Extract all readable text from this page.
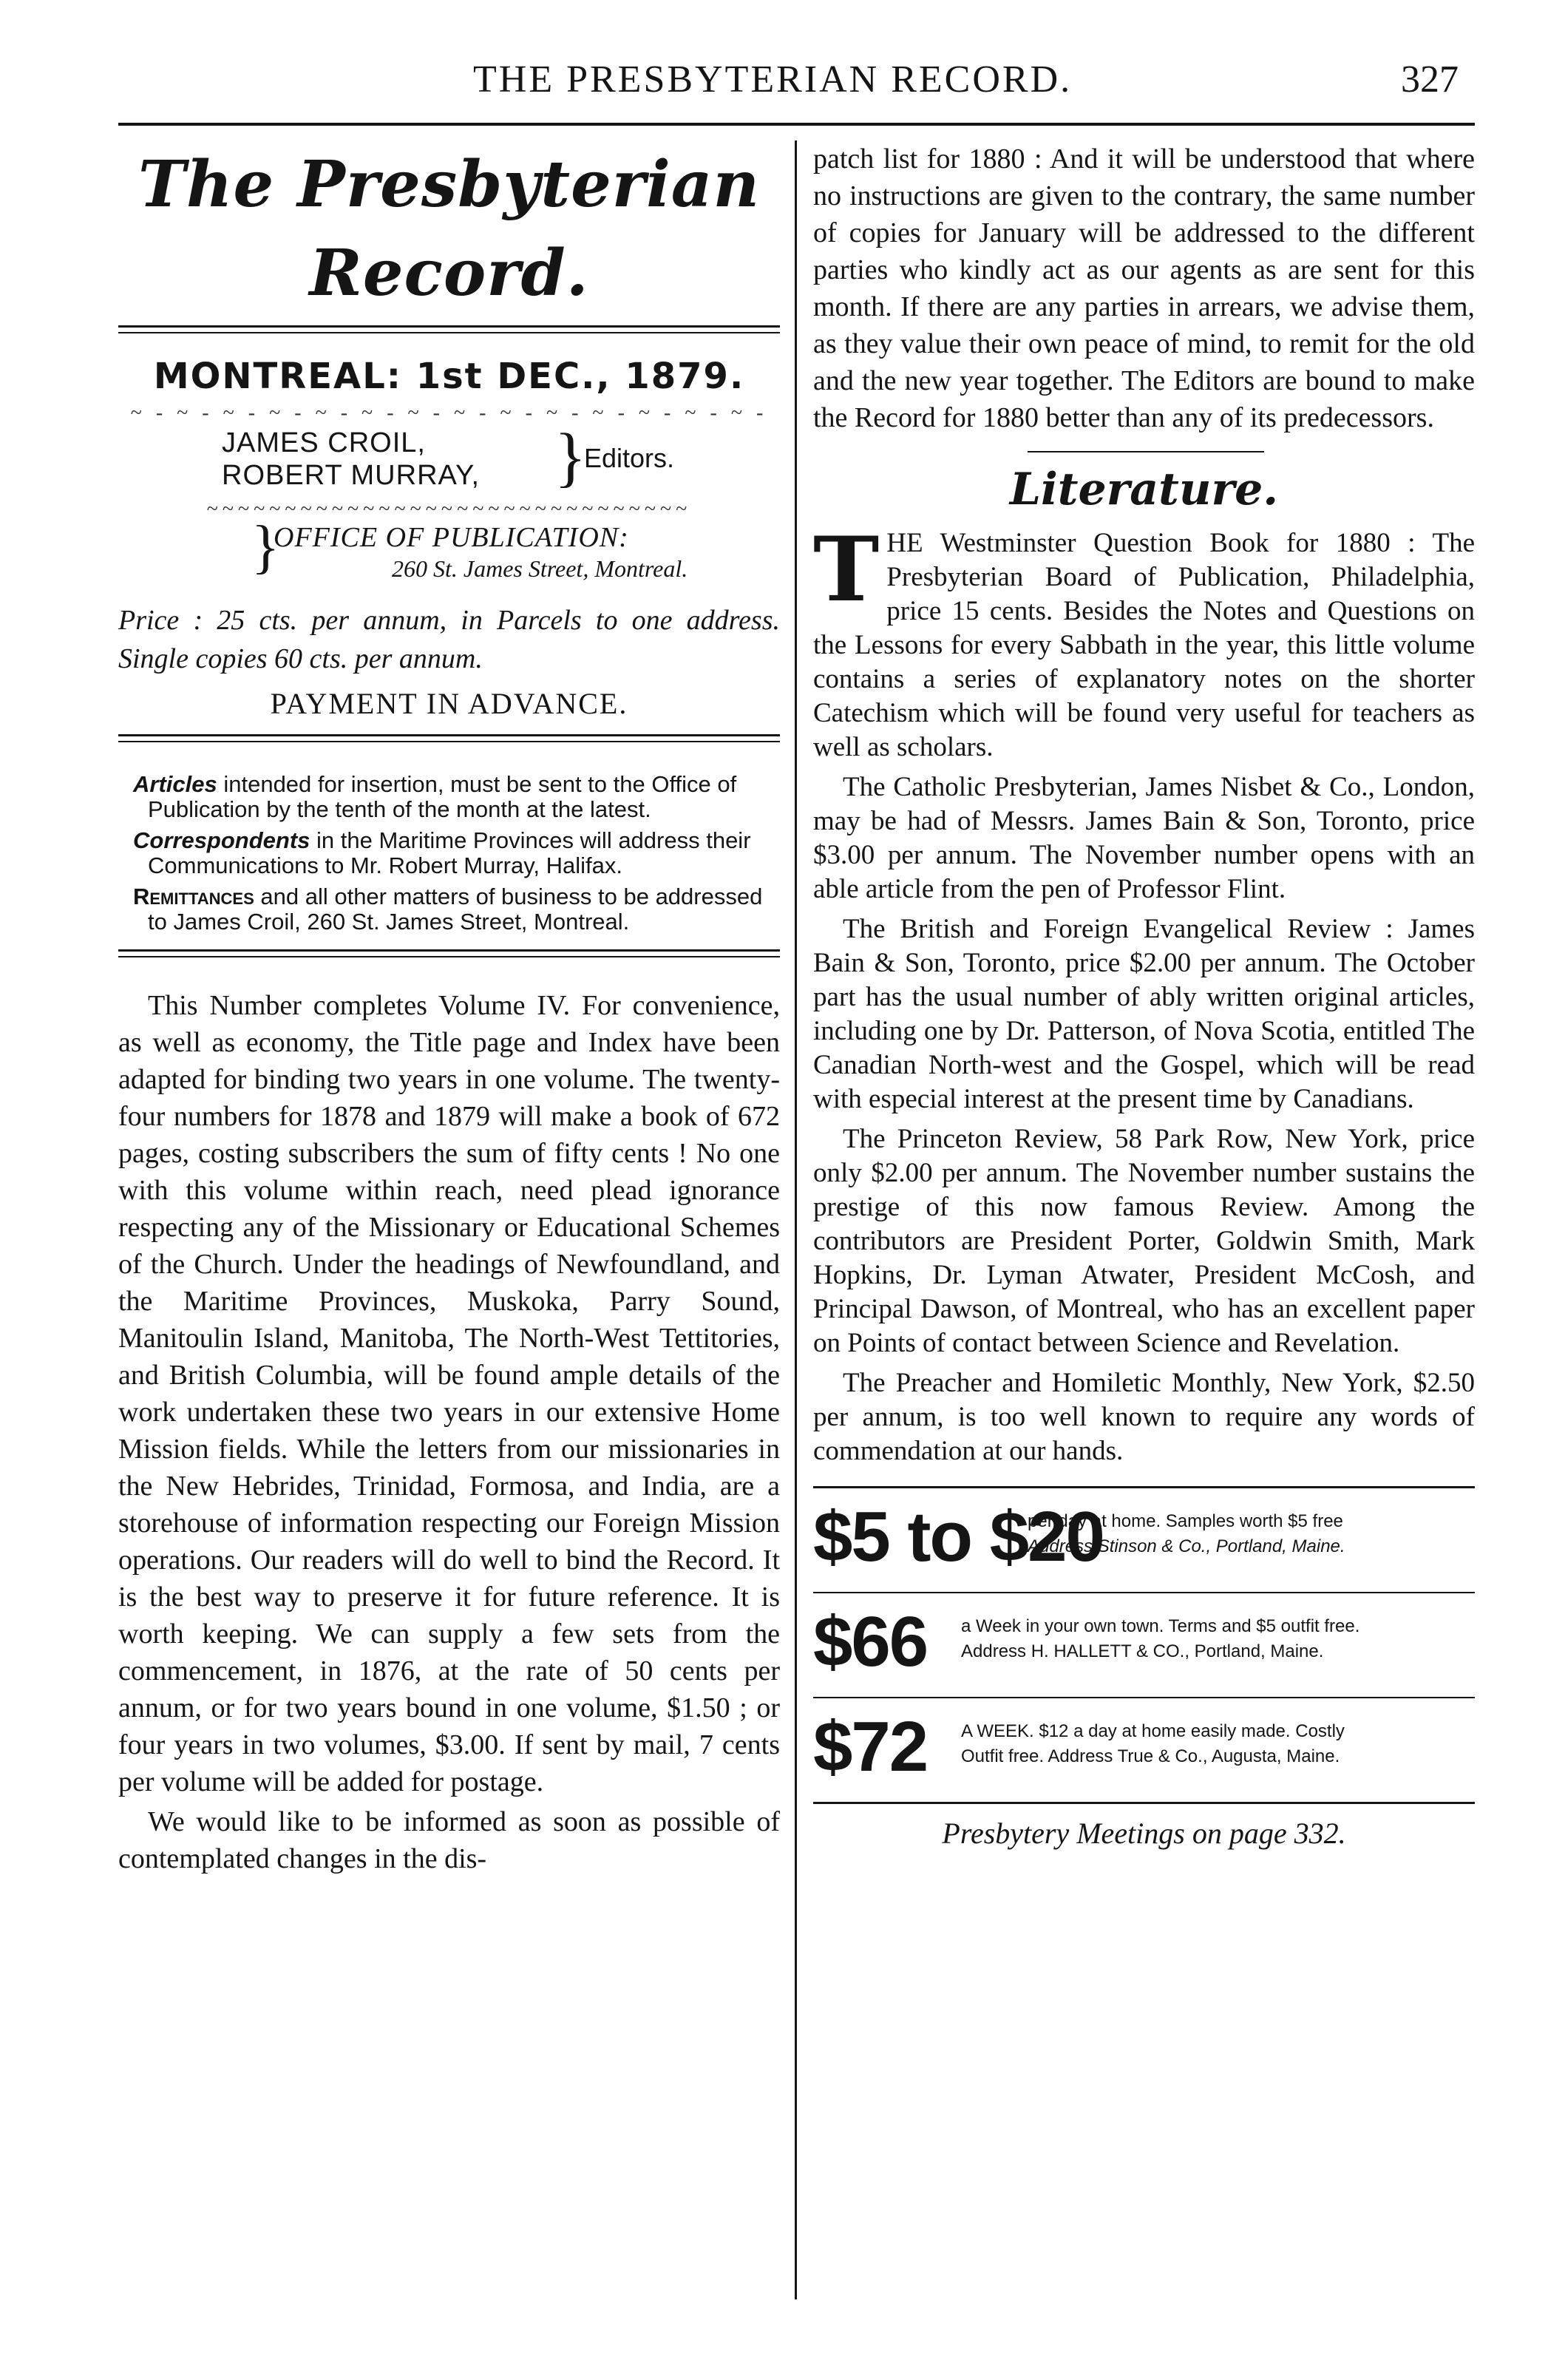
THE PRESBYTERIAN RECORD.	327
The Presbyterian Record.
MONTREAL: 1st DEC., 1879.
~ - ~ - ~ - ~ - ~ - ~ - ~ - ~ - ~ - ~ - ~ - ~ - ~ - ~ -
JAMES CROIL,
ROBERT MURRAY, }
Editors.
~~~~~~~~~~~~~~~~~~~~~~~~~~~~~~~
}
OFFICE OF PUBLICATION:
260 St. James Street, Montreal.
Price : 25 cts. per annum, in Parcels to one address. Single copies 60 cts. per annum.
PAYMENT IN ADVANCE.

Articles intended for insertion, must be sent to the Office of Publication by the tenth of the month at the latest.

Correspondents in the Maritime Provinces will address their Communications to Mr. Robert Murray, Halifax.

Remittances and all other matters of business to be addressed to James Croil, 260 St. James Street, Montreal.

This Number completes Volume IV. For convenience, as well as economy, the Title page and Index have been adapted for binding two years in one volume. The twenty-four numbers for 1878 and 1879 will make a book of 672 pages, costing subscribers the sum of fifty cents ! No one with this volume within reach, need plead ignorance respecting any of the Missionary or Educational Schemes of the Church. Under the headings of Newfoundland, and the Maritime Provinces, Muskoka, Parry Sound, Manitoulin Island, Manitoba, The North-West Tettitories, and British Columbia, will be found ample details of the work undertaken these two years in our extensive Home Mission fields. While the letters from our missionaries in the New Hebrides, Trinidad, Formosa, and India, are a storehouse of information respecting our Foreign Mission operations. Our readers will do well to bind the Record. It is the best way to preserve it for future reference. It is worth keeping. We can supply a few sets from the commencement, in 1876, at the rate of 50 cents per annum, or for two years bound in one volume, $1.50 ; or four years in two volumes, $3.00. If sent by mail, 7 cents per volume will be added for postage.

We would like to be informed as soon as possible of contemplated changes in the dis-

patch list for 1880 : And it will be understood that where no instructions are given to the contrary, the same number of copies for January will be addressed to the different parties who kindly act as our agents as are sent for this month. If there are any parties in arrears, we advise them, as they value their own peace of mind, to remit for the old and the new year together. The Editors are bound to make the Record for 1880 better than any of its predecessors.

Literature.

THE Westminster Question Book for 1880 : The Presbyterian Board of Publication, Philadelphia, price 15 cents. Besides the Notes and Questions on the Lessons for every Sabbath in the year, this little volume contains a series of explanatory notes on the shorter Catechism which will be found very useful for teachers as well as scholars.

The Catholic Presbyterian, James Nisbet & Co., London, may be had of Messrs. James Bain & Son, Toronto, price $3.00 per annum. The November number opens with an able article from the pen of Professor Flint.

The British and Foreign Evangelical Review : James Bain & Son, Toronto, price $2.00 per annum. The October part has the usual number of ably written original articles, including one by Dr. Patterson, of Nova Scotia, entitled The Canadian North-west and the Gospel, which will be read with especial interest at the present time by Canadians.

The Princeton Review, 58 Park Row, New York, price only $2.00 per annum. The November number sustains the prestige of this now famous Review. Among the contributors are President Porter, Goldwin Smith, Mark Hopkins, Dr. Lyman Atwater, President McCosh, and Principal Dawson, of Montreal, who has an excellent paper on Points of contact between Science and Revelation.

The Preacher and Homiletic Monthly, New York, $2.50 per annum, is too well known to require any words of commendation at our hands.

$5 to $20
per day at home. Samples worth $5 free
Address Stinson & Co., Portland, Maine.
$66 a Week in your own town. Terms and $5 outfit free.
Address H. HALLETT & CO., Portland, Maine.
$72 A WEEK. $12 a day at home easily made. Costly
Outfit free. Address True & Co., Augusta, Maine.
Presbytery Meetings on page 332.
